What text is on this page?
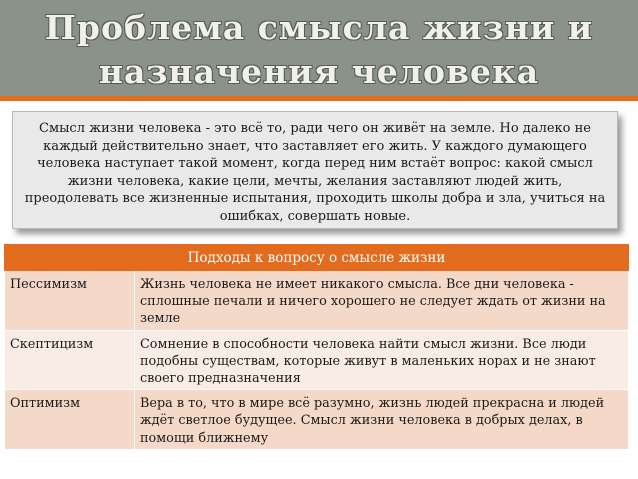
Проблема смысла жизни и
назначения человека
Смысл жизни человека - это всё то, ради чего он живёт на земле. Но далеко не каждый действительно знает, что заставляет его жить. У каждого думающего человека наступает такой момент, когда перед ним встаёт вопрос: какой смысл жизни человека, какие цели, мечты, желания заставляют людей жить, преодолевать все жизненные испытания, проходить школы добра и зла, учиться на ошибках, совершать новые.
Подходы к вопросу о смысле жизни	
Пессимизм	Жизнь человека не имеет никакого смысла. Все дни человека - сплошные печали и ничего хорошего не следует ждать от жизни на земле
Скептицизм	Сомнение в способности человека найти смысл жизни. Все люди подобны существам, которые живут в маленьких норах и не знают своего предназначения
Оптимизм	Вера в то, что в мире всё разумно, жизнь людей прекрасна и людей ждёт светлое будущее. Смысл жизни человека в добрых делах, в помощи ближнему
